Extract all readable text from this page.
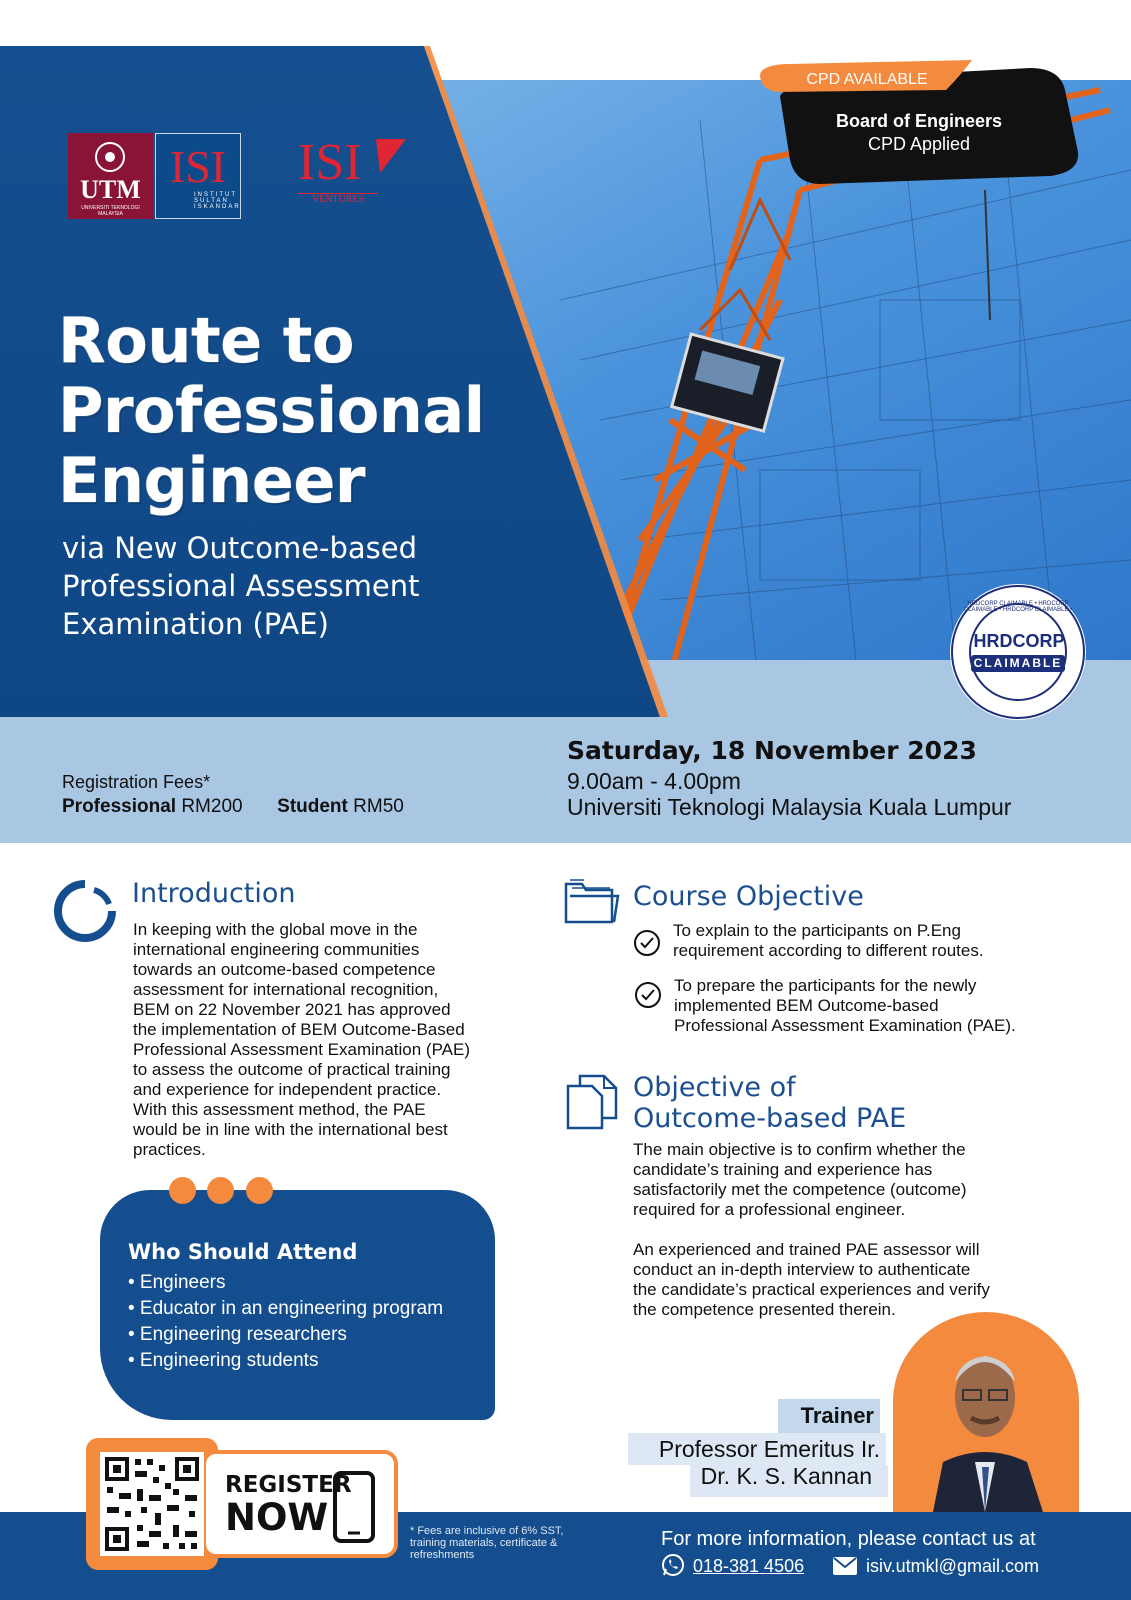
UTM
UNIVERSITI TEKNOLOGI MALAYSIA
ISI
INSTITUT SULTAN ISKANDAR
ISI
VENTURES
CPD AVAILABLE
Board of Engineers
CPD Applied
HRDCORP
CLAIMABLE
HRDCORP CLAIMABLE • HRDCORP CLAIMABLE • HRDCORP CLAIMABLE •
Route to
Professional
Engineer
via New Outcome-based
Professional Assessment
Examination (PAE)
Registration Fees*
Professional RM200 Student RM50
Saturday, 18 November 2023
9.00am - 4.00pm
Universiti Teknologi Malaysia Kuala Lumpur
Introduction
In keeping with the global move in the
international engineering communities
towards an outcome-based competence
assessment for international recognition,
BEM on 22 November 2021 has approved
the implementation of BEM Outcome-Based
Professional Assessment Examination (PAE)
to assess the outcome of practical training
and experience for independent practice.
With this assessment method, the PAE
would be in line with the international best
practices.
Course Objective
To explain to the participants on P.Eng
requirement according to different routes.
To prepare the participants for the newly
implemented BEM Outcome-based
Professional Assessment Examination (PAE).
Objective of
Outcome-based PAE
The main objective is to confirm whether the
candidate’s training and experience has
satisfactorily met the competence (outcome)
required for a professional engineer.
An experienced and trained PAE assessor will
conduct an in-depth interview to authenticate
the candidate’s practical experiences and verify
the competence presented therein.
Who Should Attend
• Engineers
• Educator in an engineering program
• Engineering researchers
• Engineering students
Trainer
Professor Emeritus Ir.
Dr. K. S. Kannan
REGISTER
NOW	* Fees are inclusive of 6% SST, training materials, certificate & refreshments
For more information, please contact us at
018-381 4506	isiv.utmkl@gmail.com
